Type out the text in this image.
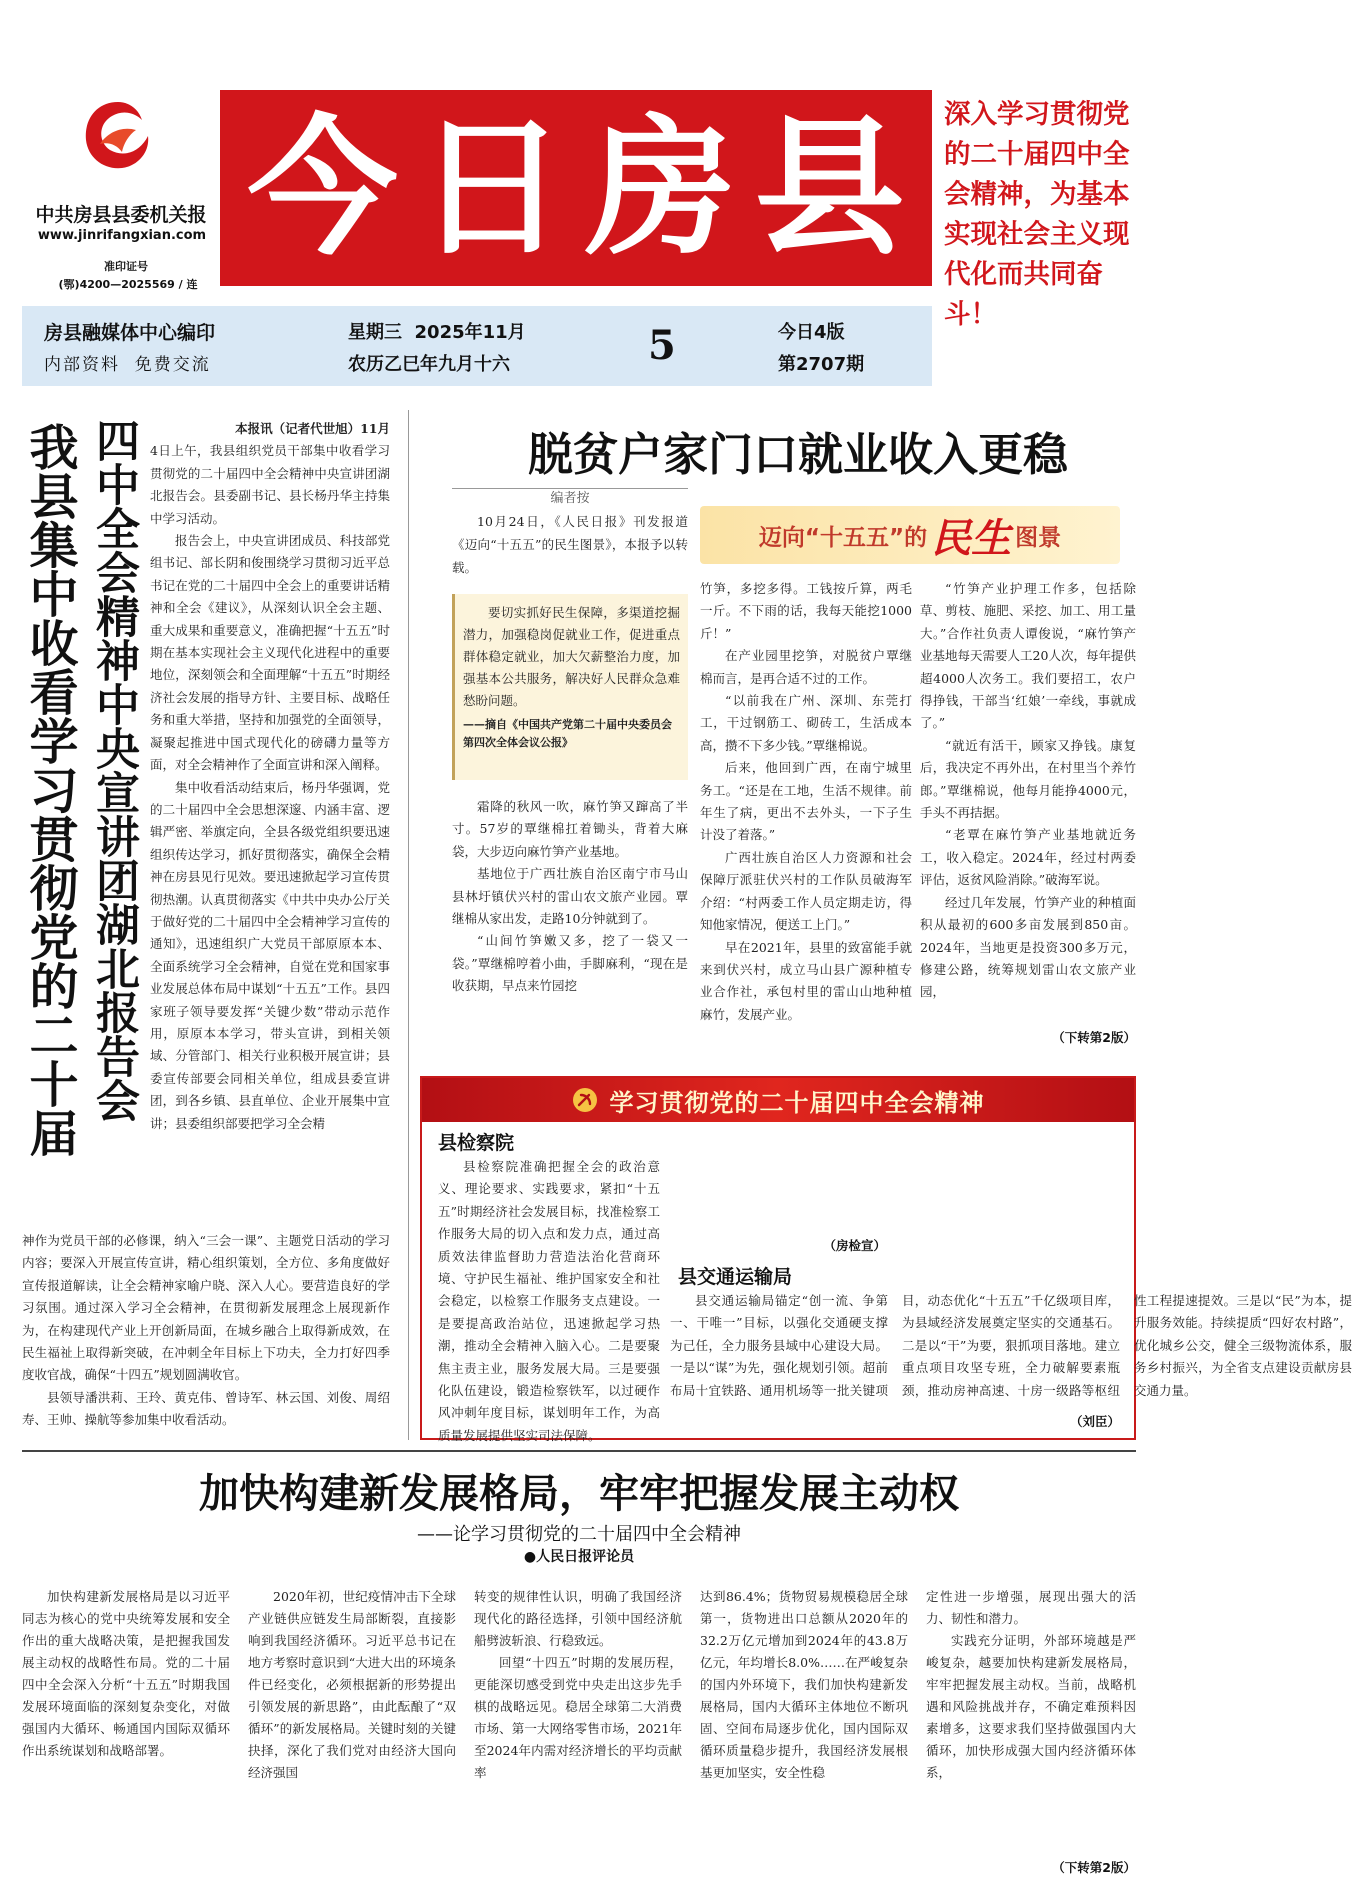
中共房县县委机关报
www.jinrifangxian.com
准印证号
(鄂)4200—2025569 / 连
今 日 房 县 深入学习贯彻党的二十届四中全会精神，为基本实现社会主义现代化而共同奋斗！
房县融媒体中心编印
内部资料  免费交流
星期三  2025年11月
农历乙巳年九月十六	5	今日4版
第2707期
我县集中收看学习贯彻党的二十届 四中全会精神中央宣讲团湖北报告会	本报讯（记者代世旭）11月

4日上午，我县组织党员干部集中收看学习贯彻党的二十届四中全会精神中央宣讲团湖北报告会。县委副书记、县长杨丹华主持集中学习活动。

报告会上，中央宣讲团成员、科技部党组书记、部长阴和俊围绕学习贯彻习近平总书记在党的二十届四中全会上的重要讲话精神和全会《建议》，从深刻认识全会主题、重大成果和重要意义，准确把握“十五五”时期在基本实现社会主义现代化进程中的重要地位，深刻领会和全面理解“十五五”时期经济社会发展的指导方针、主要目标、战略任务和重大举措，坚持和加强党的全面领导，凝聚起推进中国式现代化的磅礴力量等方面，对全会精神作了全面宣讲和深入阐释。

集中收看活动结束后，杨丹华强调，党的二十届四中全会思想深邃、内涵丰富、逻辑严密、举旗定向，全县各级党组织要迅速组织传达学习，抓好贯彻落实，确保全会精神在房县见行见效。要迅速掀起学习宣传贯彻热潮。认真贯彻落实《中共中央办公厅关于做好党的二十届四中全会精神学习宣传的通知》，迅速组织广大党员干部原原本本、全面系统学习全会精神，自觉在党和国家事业发展总体布局中谋划“十五五”工作。县四家班子领导要发挥“关键少数”带动示范作用，原原本本学习，带头宣讲，到相关领域、分管部门、相关行业积极开展宣讲；县委宣传部要会同相关单位，组成县委宣讲团，到各乡镇、县直单位、企业开展集中宣讲；县委组织部要把学习全会精

神作为党员干部的必修课，纳入“三会一课”、主题党日活动的学习内容；要深入开展宣传宣讲，精心组织策划，全方位、多角度做好宣传报道解读，让全会精神家喻户晓、深入人心。要营造良好的学习氛围。通过深入学习全会精神，在贯彻新发展理念上展现新作为，在构建现代产业上开创新局面，在城乡融合上取得新成效，在民生福祉上取得新突破，在冲刺全年目标上下功夫，全力打好四季度收官战，确保“十四五”规划圆满收官。

县领导潘洪莉、王玲、黄克伟、曾诗军、林云国、刘俊、周绍寿、王帅、操航等参加集中收看活动。

脱贫户家门口就业收入更稳
编者按

10月24日，《人民日报》刊发报道《迈向“十五五”的民生图景》，本报予以转载。

迈向“十五五”的 民生 图景
要切实抓好民生保障，多渠道挖掘潜力，加强稳岗促就业工作，促进重点群体稳定就业，加大欠薪整治力度，加强基本公共服务，解决好人民群众急难愁盼问题。
——摘自《中国共产党第二十届中央委员会第四次全体会议公报》

霜降的秋风一吹，麻竹笋又蹿高了半寸。57岁的覃继棉扛着锄头，背着大麻袋，大步迈向麻竹笋产业基地。

基地位于广西壮族自治区南宁市马山县林圩镇伏兴村的雷山农文旅产业园。覃继棉从家出发，走路10分钟就到了。

“山间竹笋嫩又多，挖了一袋又一袋。”覃继棉哼着小曲，手脚麻利，“现在是收获期，早点来竹园挖

竹笋，多挖多得。工钱按斤算，两毛一斤。不下雨的话，我每天能挖1000斤！”

在产业园里挖笋，对脱贫户覃继棉而言，是再合适不过的工作。

“以前我在广州、深圳、东莞打工，干过钢筋工、砌砖工，生活成本高，攒不下多少钱。”覃继棉说。

后来，他回到广西，在南宁城里务工。“还是在工地，生活不规律。前年生了病，更出不去外头，一下子生计没了着落。”

广西壮族自治区人力资源和社会保障厅派驻伏兴村的工作队员破海军介绍：“村两委工作人员定期走访，得知他家情况，便送工上门。”

早在2021年，县里的致富能手就来到伏兴村，成立马山县广源种植专业合作社，承包村里的雷山山地种植麻竹，发展产业。

“竹笋产业护理工作多，包括除草、剪枝、施肥、采挖、加工、用工量大。”合作社负责人谭俊说，“麻竹笋产业基地每天需要人工20人次，每年提供超4000人次务工。我们要招工，农户得挣钱，干部当‘红娘’一牵线，事就成了。”

“就近有活干，顾家又挣钱。康复后，我决定不再外出，在村里当个养竹郎。”覃继棉说，他每月能挣4000元，手头不再拮据。

“老覃在麻竹笋产业基地就近务工，收入稳定。2024年，经过村两委评估，返贫风险消除。”破海军说。

经过几年发展，竹笋产业的种植面积从最初的600多亩发展到850亩。2024年，当地更是投资300多万元，修建公路，统筹规划雷山农文旅产业园，

（下转第2版）
学习贯彻党的二十届四中全会精神
县检察院

县检察院准确把握全会的政治意义、理论要求、实践要求，紧扣“十五五”时期经济社会发展目标，找准检察工作服务大局的切入点和发力点，通过高质效法律监督助力营造法治化营商环境、守护民生福祉、维护国家安全和社会稳定，以检察工作服务支点建设。一是要提高政治站位，迅速掀起学习热潮，推动全会精神入脑入心。二是要聚焦主责主业，服务发展大局。三是要强化队伍建设，锻造检察铁军，以过硬作风冲刺年度目标，谋划明年工作，为高质量发展提供坚实司法保障。

（房检宣）
县交通运输局

县交通运输局锚定“创一流、争第一、干唯一”目标，以强化交通硬支撑为己任，全力服务县域中心建设大局。一是以“谋”为先，强化规划引领。超前布局十宜铁路、通用机场等一批关键项目，动态优化“十五五”千亿级项目库，为县域经济发展奠定坚实的交通基石。二是以“干”为要，狠抓项目落地。建立重点项目攻坚专班，全力破解要素瓶颈，推动房神高速、十房一级路等枢纽性工程提速提效。三是以“民”为本，提升服务效能。持续提质“四好农村路”，优化城乡公交，健全三级物流体系，服务乡村振兴，为全省支点建设贡献房县交通力量。

（刘臣）
加快构建新发展格局，牢牢把握发展主动权
——论学习贯彻党的二十届四中全会精神
●人民日报评论员

加快构建新发展格局是以习近平同志为核心的党中央统筹发展和安全作出的重大战略决策，是把握我国发展主动权的战略性布局。党的二十届四中全会深入分析“十五五”时期我国发展环境面临的深刻复杂变化，对做强国内大循环、畅通国内国际双循环作出系统谋划和战略部署。

2020年初，世纪疫情冲击下全球产业链供应链发生局部断裂，直接影响到我国经济循环。习近平总书记在地方考察时意识到“大进大出的环境条件已经变化，必须根据新的形势提出引领发展的新思路”，由此酝酿了“双循环”的新发展格局。关键时刻的关键抉择，深化了我们党对由经济大国向经济强国

转变的规律性认识，明确了我国经济现代化的路径选择，引领中国经济航船劈波斩浪、行稳致远。

回望“十四五”时期的发展历程，更能深切感受到党中央走出这步先手棋的战略远见。稳居全球第二大消费市场、第一大网络零售市场，2021年至2024年内需对经济增长的平均贡献率

达到86.4%；货物贸易规模稳居全球第一，货物进出口总额从2020年的32.2万亿元增加到2024年的43.8万亿元，年均增长8.0%……在严峻复杂的国内外环境下，我们加快构建新发展格局，国内大循环主体地位不断巩固、空间布局逐步优化，国内国际双循环质量稳步提升，我国经济发展根基更加坚实，安全性稳

定性进一步增强，展现出强大的活力、韧性和潜力。

实践充分证明，外部环境越是严峻复杂，越要加快构建新发展格局，牢牢把握发展主动权。当前，战略机遇和风险挑战并存，不确定难预料因素增多，这要求我们坚持做强国内大循环，加快形成强大国内经济循环体系，

（下转第2版）
